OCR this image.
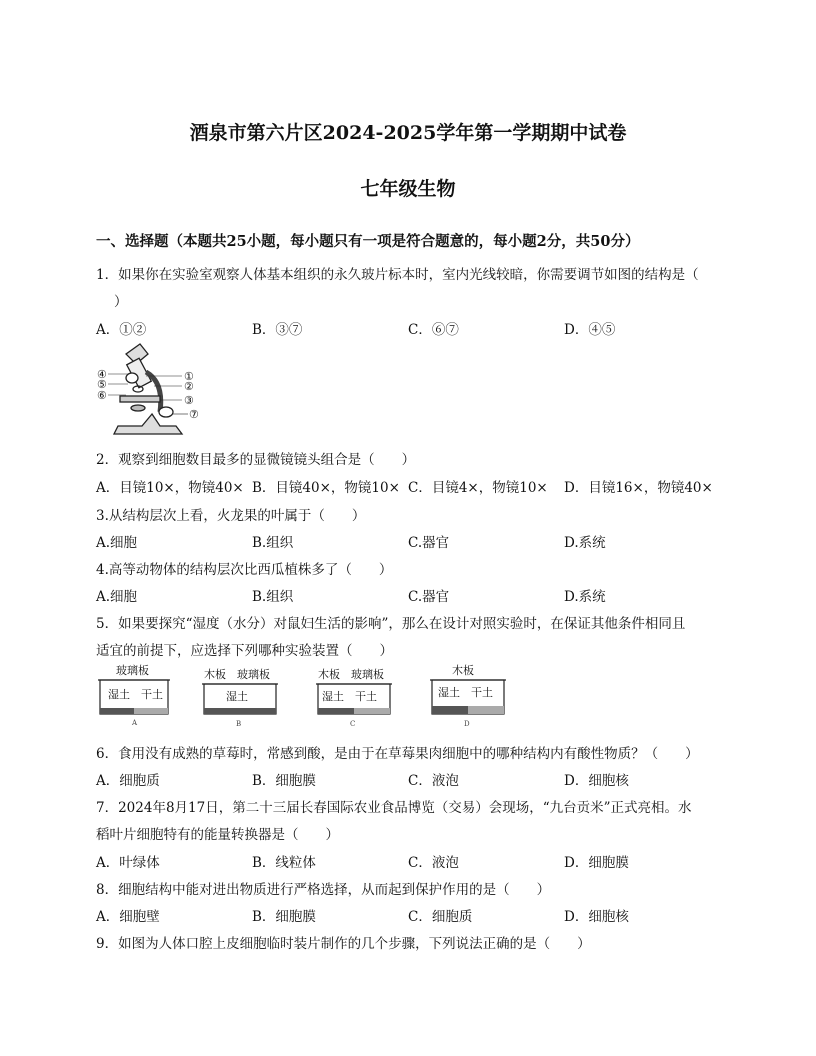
酒泉市第六片区2024-2025学年第一学期期中试卷
七年级生物
一、选择题（本题共25小题，每小题只有一项是符合题意的，每小题2分，共50分）
1．如果你在实验室观察人体基本组织的永久玻片标本时，室内光线较暗，你需要调节如图的结构是（
）
A．①②	B．③⑦	C．⑥⑦	D．④⑤
①
②
③
④
⑤
⑥
⑦
2．观察到细胞数目最多的显微镜镜头组合是（　　）
A．目镜10×，物镜40× B．目镜40×，物镜10× C．目镜4×，物镜10× D．目镜16×，物镜40×
3.从结构层次上看，火龙果的叶属于（　　）
A.细胞	B.组织	C.器官	D.系统
4.高等动物体的结构层次比西瓜植株多了（　　）
A.细胞	B.组织	C.器官	D.系统
5．如果要探究“湿度（水分）对鼠妇生活的影响”，那么在设计对照实验时，在保证其他条件相同且
适宜的前提下，应选择下列哪种实验装置（　　）
玻璃板
湿土　干土
A
木板　玻璃板
湿土
B
木板　玻璃板
湿土　干土
C
木板
湿土　干土
D
6．食用没有成熟的草莓时，常感到酸，是由于在草莓果肉细胞中的哪种结构内有酸性物质？（　　）
A．细胞质	B．细胞膜	C．液泡	D．细胞核
7．2024年8月17日，第二十三届长春国际农业食品博览（交易）会现场，“九台贡米”正式亮相。水
稻叶片细胞特有的能量转换器是（　　）
A．叶绿体	B．线粒体	C．液泡	D．细胞膜
8．细胞结构中能对进出物质进行严格选择，从而起到保护作用的是（　　）
A．细胞壁	B．细胞膜	C．细胞质	D．细胞核
9．如图为人体口腔上皮细胞临时装片制作的几个步骤，下列说法正确的是（　　）
